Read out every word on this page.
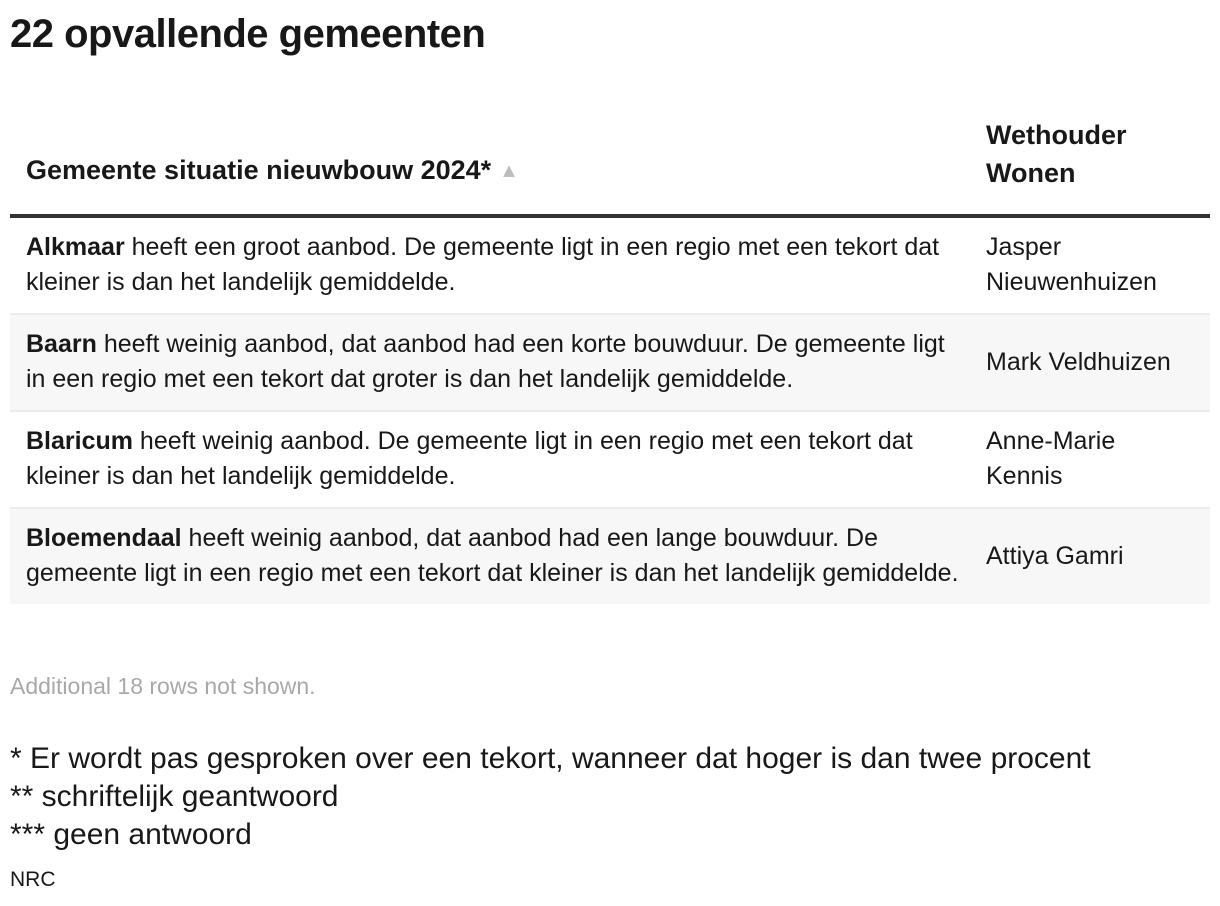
22 opvallende gemeenten
Gemeente situatie nieuwbouw 2024* ▲	Wethouder Wonen
Alkmaar heeft een groot aanbod. De gemeente ligt in een regio met een tekort dat kleiner is dan het landelijk gemiddelde.	Jasper Nieuwenhuizen
Baarn heeft weinig aanbod, dat aanbod had een korte bouwduur. De gemeente ligt in een regio met een tekort dat groter is dan het landelijk gemiddelde.	Mark Veldhuizen
Blaricum heeft weinig aanbod. De gemeente ligt in een regio met een tekort dat kleiner is dan het landelijk gemiddelde.	Anne-Marie Kennis
Bloemendaal heeft weinig aanbod, dat aanbod had een lange bouwduur. De gemeente ligt in een regio met een tekort dat kleiner is dan het landelijk gemiddelde.	Attiya Gamri
Additional 18 rows not shown.
* Er wordt pas gesproken over een tekort, wanneer dat hoger is dan twee procent
** schriftelijk geantwoord
*** geen antwoord
NRC
